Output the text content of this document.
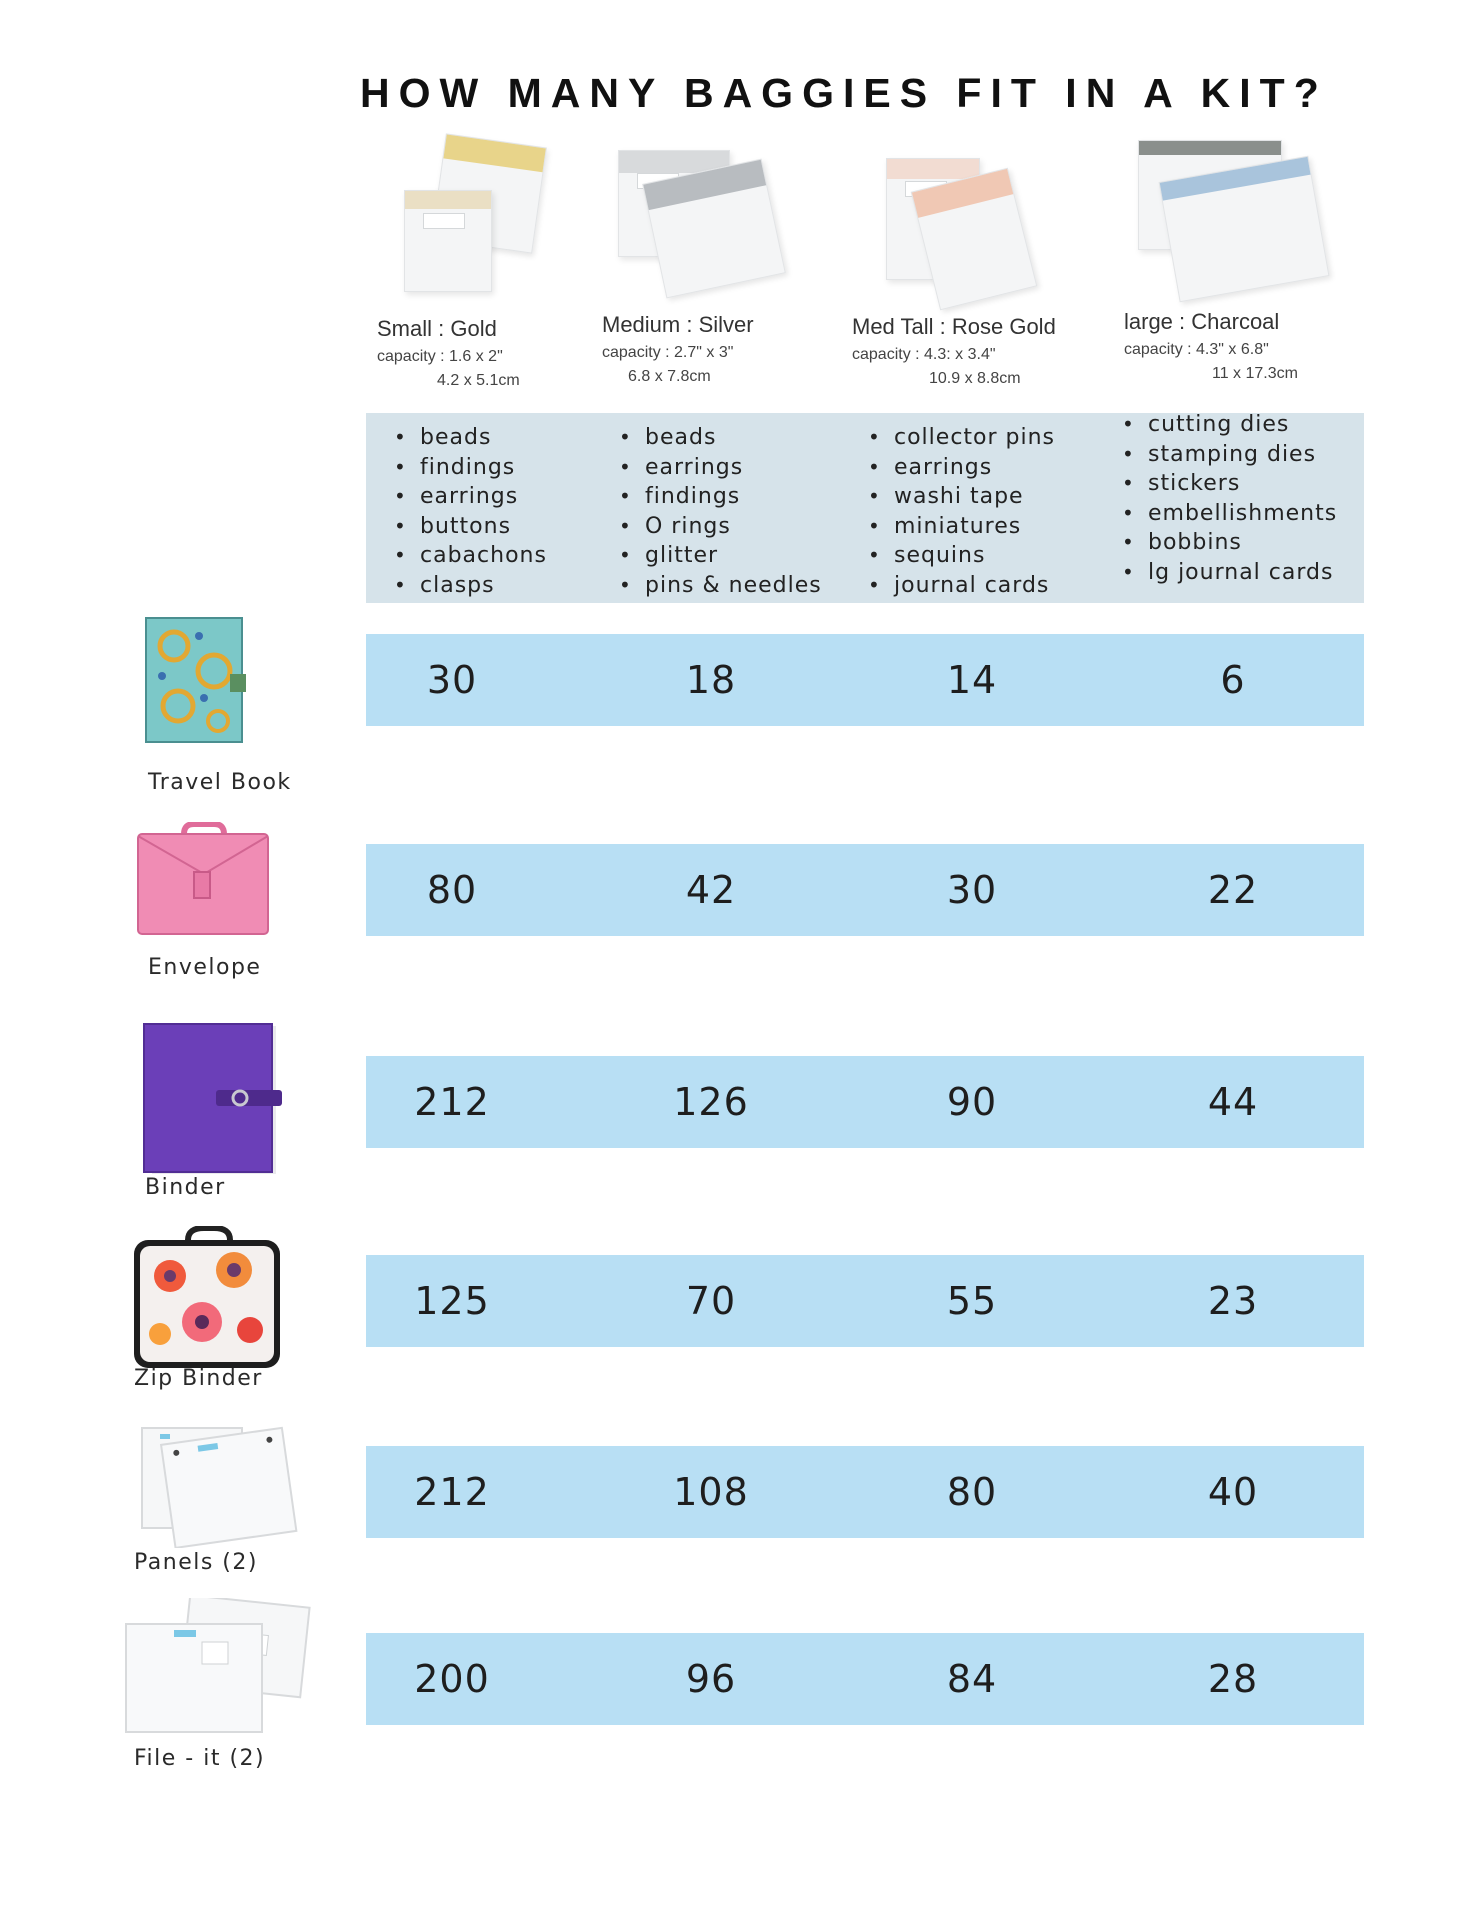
HOW MANY BAGGIES FIT IN A KIT?
Small : Gold
capacity : 1.6 x 2"
4.2 x 5.1cm
Medium : Silver
capacity : 2.7" x 3"
6.8 x 7.8cm
Med Tall : Rose Gold
capacity : 4.3: x 3.4"
10.9 x 8.8cm
large : Charcoal
capacity : 4.3" x 6.8"
11 x 17.3cm
• beads
• findings
• earrings
• buttons
• cabachons
• clasps
• beads
• earrings
• findings
• O rings
• glitter
• pins & needles
• collector pins
• earrings
• washi tape
• miniatures
• sequins
• journal cards
• cutting dies
• stamping dies
• stickers
• embellishments
• bobbins
• lg journal cards
Travel Book
30	18	14	6
Envelope
80	42	30	22
Binder
212	126	90	44
Zip Binder
125	70	55	23
Panels (2)
212	108	80	40
File - it (2)
200	96	84	28
